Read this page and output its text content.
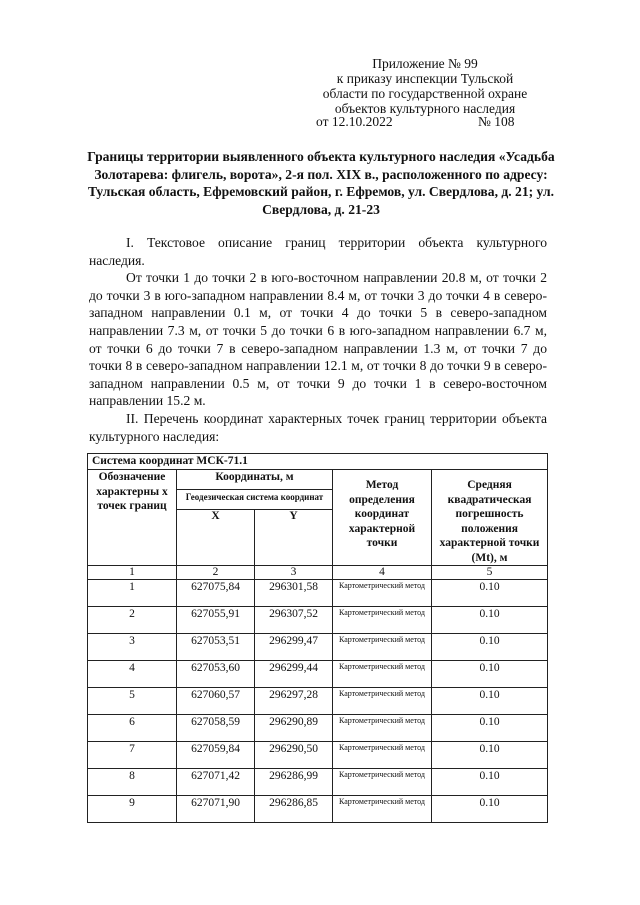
Приложение № 99
к приказу инспекции Тульской
области по государственной охране
объектов культурного наследия
от 12.10.2022	№ 108
Границы территории выявленного объекта культурного наследия «Усадьба Золотарева: флигель, ворота», 2-я пол. XIX в., расположенного по адресу: Тульская область, Ефремовский район, г. Ефремов, ул. Свердлова, д. 21; ул. Свердлова, д. 21-23

I. Текстовое описание границ территории объекта культурного наследия.

От точки 1 до точки 2 в юго-восточном направлении 20.8 м, от точки 2 до точки 3 в юго-западном направлении 8.4 м, от точки 3 до точки 4 в северо-западном направлении 0.1 м, от точки 4 до точки 5 в северо-западном направлении 7.3 м, от точки 5 до точки 6 в юго-западном направлении 6.7 м, от точки 6 до точки 7 в северо-западном направлении 1.3 м, от точки 7 до точки 8 в северо-западном направлении 12.1 м, от точки 8 до точки 9 в северо-западном направлении 0.5 м, от точки 9 до точки 1 в северо-восточном направлении 15.2 м.

II. Перечень координат характерных точек границ территории объекта культурного наследия:

Система координат МСК-71.1				
Обозначение характерны х точек границ	Координаты, м		Метод определения координат характерной точки	Средняя квадратическая погрешность положения характерной точки (Mt), м
	Геодезическая система координат			
	X	Y		
1	2	3	4	5
1	627075,84	296301,58	Картометрический метод	0.10
2	627055,91	296307,52	Картометрический метод	0.10
3	627053,51	296299,47	Картометрический метод	0.10
4	627053,60	296299,44	Картометрический метод	0.10
5	627060,57	296297,28	Картометрический метод	0.10
6	627058,59	296290,89	Картометрический метод	0.10
7	627059,84	296290,50	Картометрический метод	0.10
8	627071,42	296286,99	Картометрический метод	0.10
9	627071,90	296286,85	Картометрический метод	0.10
